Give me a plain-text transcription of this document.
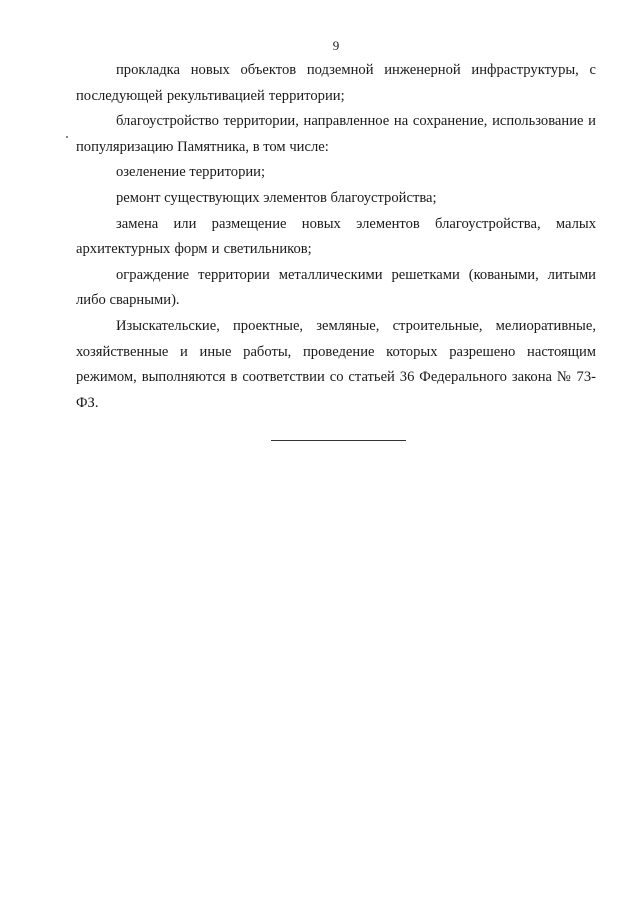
9

прокладка новых объектов подземной инженерной инфраструктуры, с последующей рекультивацией территории;

благоустройство территории, направленное на сохранение, использование и популяризацию Памятника, в том числе:

озеленение территории;

ремонт существующих элементов благоустройства;

замена или размещение новых элементов благоустройства, малых архитектурных форм и светильников;

ограждение территории металлическими решетками (коваными, литыми либо сварными).

Изыскательские, проектные, земляные, строительные, мелиоративные, хозяйственные и иные работы, проведение которых разрешено настоящим режимом, выполняются в соответствии со статьей 36 Федерального закона № 73-ФЗ.
